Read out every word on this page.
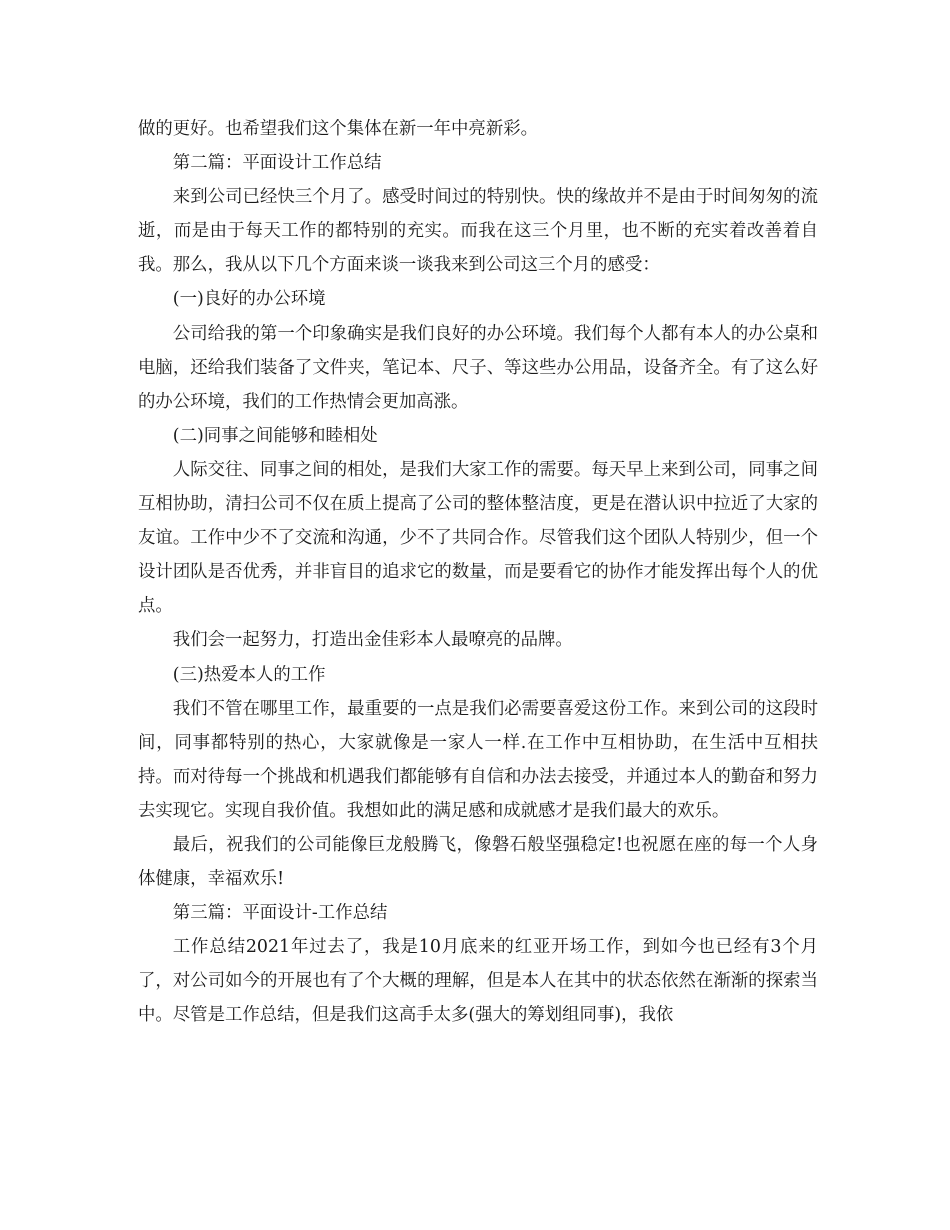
做的更好。也希望我们这个集体在新一年中亮新彩。

第二篇：平面设计工作总结

来到公司已经快三个月了。感受时间过的特别快。快的缘故并不是由于时间匆匆的流逝，而是由于每天工作的都特别的充实。而我在这三个月里，也不断的充实着改善着自我。那么，我从以下几个方面来谈一谈我来到公司这三个月的感受：

(一)良好的办公环境

公司给我的第一个印象确实是我们良好的办公环境。我们每个人都有本人的办公桌和电脑，还给我们装备了文件夹，笔记本、尺子、等这些办公用品，设备齐全。有了这么好的办公环境，我们的工作热情会更加高涨。

(二)同事之间能够和睦相处

人际交往、同事之间的相处，是我们大家工作的需要。每天早上来到公司，同事之间互相协助，清扫公司不仅在质上提高了公司的整体整洁度，更是在潜认识中拉近了大家的友谊。工作中少不了交流和沟通，少不了共同合作。尽管我们这个团队人特别少，但一个设计团队是否优秀，并非盲目的追求它的数量，而是要看它的协作才能发挥出每个人的优点。

我们会一起努力，打造出金佳彩本人最嘹亮的品牌。

(三)热爱本人的工作

我们不管在哪里工作，最重要的一点是我们必需要喜爱这份工作。来到公司的这段时间，同事都特别的热心，大家就像是一家人一样.在工作中互相协助，在生活中互相扶持。而对待每一个挑战和机遇我们都能够有自信和办法去接受，并通过本人的勤奋和努力去实现它。实现自我价值。我想如此的满足感和成就感才是我们最大的欢乐。

最后，祝我们的公司能像巨龙般腾飞，像磐石般坚强稳定!也祝愿在座的每一个人身体健康，幸福欢乐!

第三篇：平面设计-工作总结

工作总结2021年过去了，我是10月底来的红亚开场工作，到如今也已经有3个月了，对公司如今的开展也有了个大概的理解，但是本人在其中的状态依然在渐渐的探索当中。尽管是工作总结，但是我们这高手太多(强大的筹划组同事)，我依
